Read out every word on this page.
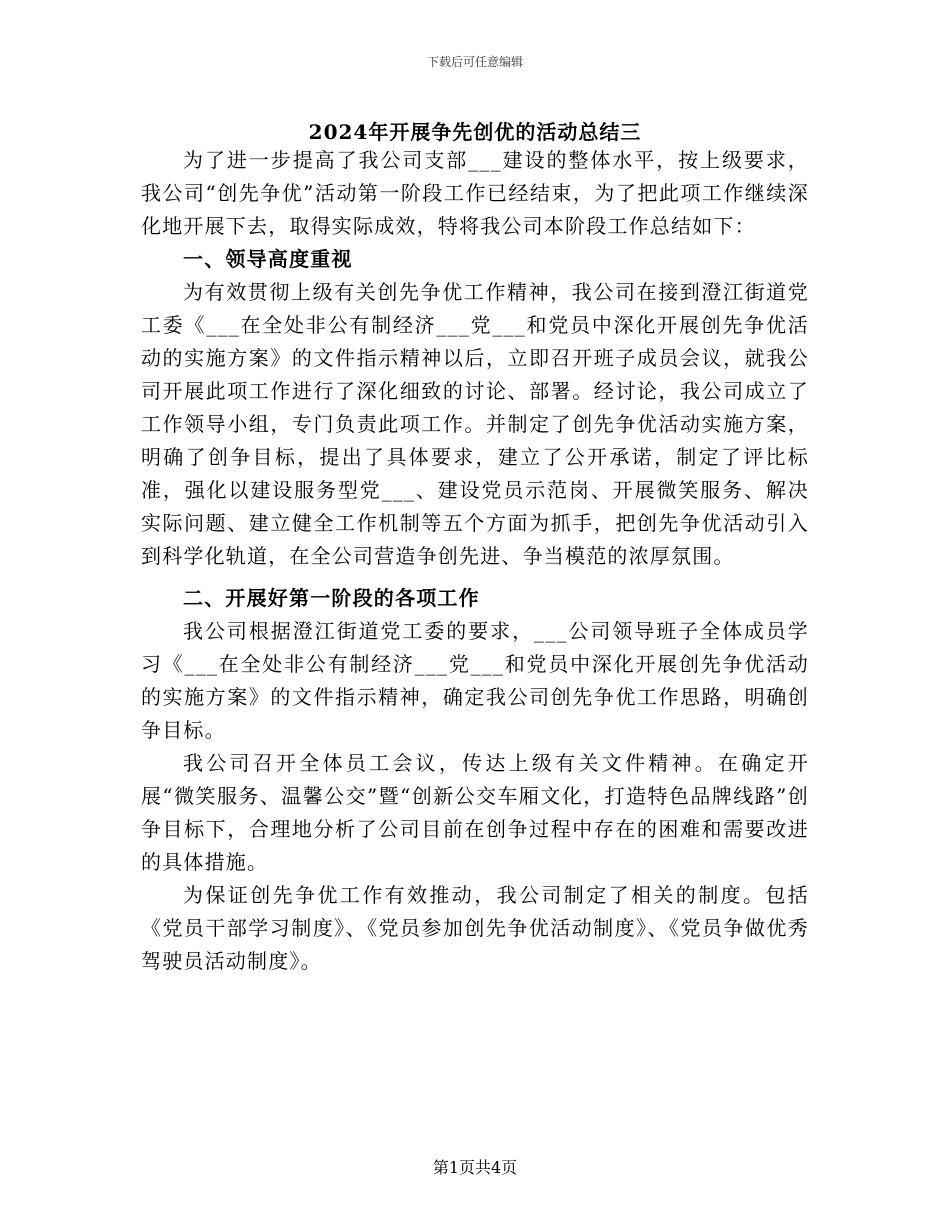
下载后可任意编辑
2024年开展争先创优的活动总结三

为了进一步提高了我公司支部___建设的整体水平，按上级要求，我公司“创先争优”活动第一阶段工作已经结束，为了把此项工作继续深化地开展下去，取得实际成效，特将我公司本阶段工作总结如下：

一、领导高度重视

为有效贯彻上级有关创先争优工作精神，我公司在接到澄江街道党工委《___在全处非公有制经济___党___和党员中深化开展创先争优活动的实施方案》的文件指示精神以后，立即召开班子成员会议，就我公司开展此项工作进行了深化细致的讨论、部署。经讨论，我公司成立了工作领导小组，专门负责此项工作。并制定了创先争优活动实施方案，明确了创争目标，提出了具体要求，建立了公开承诺，制定了评比标准，强化以建设服务型党___、建设党员示范岗、开展微笑服务、解决实际问题、建立健全工作机制等五个方面为抓手，把创先争优活动引入到科学化轨道，在全公司营造争创先进、争当模范的浓厚氛围。

二、开展好第一阶段的各项工作

我公司根据澄江街道党工委的要求，___公司领导班子全体成员学习《___在全处非公有制经济___党___和党员中深化开展创先争优活动的实施方案》的文件指示精神，确定我公司创先争优工作思路，明确创争目标。

我公司召开全体员工会议，传达上级有关文件精神。在确定开展“微笑服务、温馨公交”暨“创新公交车厢文化，打造特色品牌线路”创争目标下，合理地分析了公司目前在创争过程中存在的困难和需要改进的具体措施。

为保证创先争优工作有效推动，我公司制定了相关的制度。包括《党员干部学习制度》、《党员参加创先争优活动制度》、《党员争做优秀驾驶员活动制度》。

第1页共4页
